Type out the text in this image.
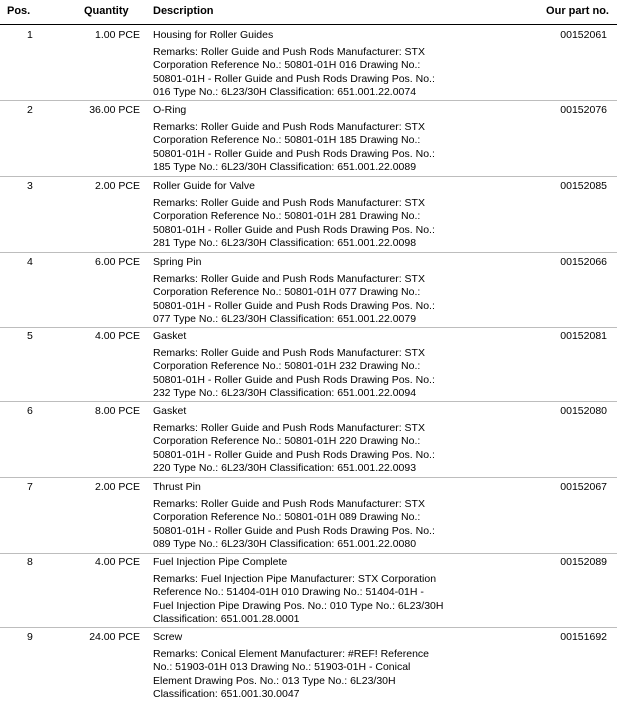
Pos.	Quantity Description	Our part no.
1	1.00 PCE Housing for Roller Guides	00152061
Remarks: Roller Guide and Push Rods Manufacturer: STX
Corporation Reference No.: 50801-01H 016 Drawing No.:
50801-01H - Roller Guide and Push Rods Drawing Pos. No.:
016 Type No.: 6L23/30H Classification: 651.001.22.0074
2	36.00 PCE O-Ring	00152076
Remarks: Roller Guide and Push Rods Manufacturer: STX
Corporation Reference No.: 50801-01H 185 Drawing No.:
50801-01H - Roller Guide and Push Rods Drawing Pos. No.:
185 Type No.: 6L23/30H Classification: 651.001.22.0089
3	2.00 PCE Roller Guide for Valve	00152085
Remarks: Roller Guide and Push Rods Manufacturer: STX
Corporation Reference No.: 50801-01H 281 Drawing No.:
50801-01H - Roller Guide and Push Rods Drawing Pos. No.:
281 Type No.: 6L23/30H Classification: 651.001.22.0098
4	6.00 PCE Spring Pin	00152066
Remarks: Roller Guide and Push Rods Manufacturer: STX
Corporation Reference No.: 50801-01H 077 Drawing No.:
50801-01H - Roller Guide and Push Rods Drawing Pos. No.:
077 Type No.: 6L23/30H Classification: 651.001.22.0079
5	4.00 PCE Gasket	00152081
Remarks: Roller Guide and Push Rods Manufacturer: STX
Corporation Reference No.: 50801-01H 232 Drawing No.:
50801-01H - Roller Guide and Push Rods Drawing Pos. No.:
232 Type No.: 6L23/30H Classification: 651.001.22.0094
6	8.00 PCE Gasket	00152080
Remarks: Roller Guide and Push Rods Manufacturer: STX
Corporation Reference No.: 50801-01H 220 Drawing No.:
50801-01H - Roller Guide and Push Rods Drawing Pos. No.:
220 Type No.: 6L23/30H Classification: 651.001.22.0093
7	2.00 PCE Thrust Pin	00152067
Remarks: Roller Guide and Push Rods Manufacturer: STX
Corporation Reference No.: 50801-01H 089 Drawing No.:
50801-01H - Roller Guide and Push Rods Drawing Pos. No.:
089 Type No.: 6L23/30H Classification: 651.001.22.0080
8	4.00 PCE Fuel Injection Pipe Complete	00152089
Remarks: Fuel Injection Pipe Manufacturer: STX Corporation
Reference No.: 51404-01H 010 Drawing No.: 51404-01H -
Fuel Injection Pipe Drawing Pos. No.: 010 Type No.: 6L23/30H
Classification: 651.001.28.0001
9	24.00 PCE Screw	00151692
Remarks: Conical Element Manufacturer: #REF! Reference
No.: 51903-01H 013 Drawing No.: 51903-01H - Conical
Element Drawing Pos. No.: 013 Type No.: 6L23/30H
Classification: 651.001.30.0047
